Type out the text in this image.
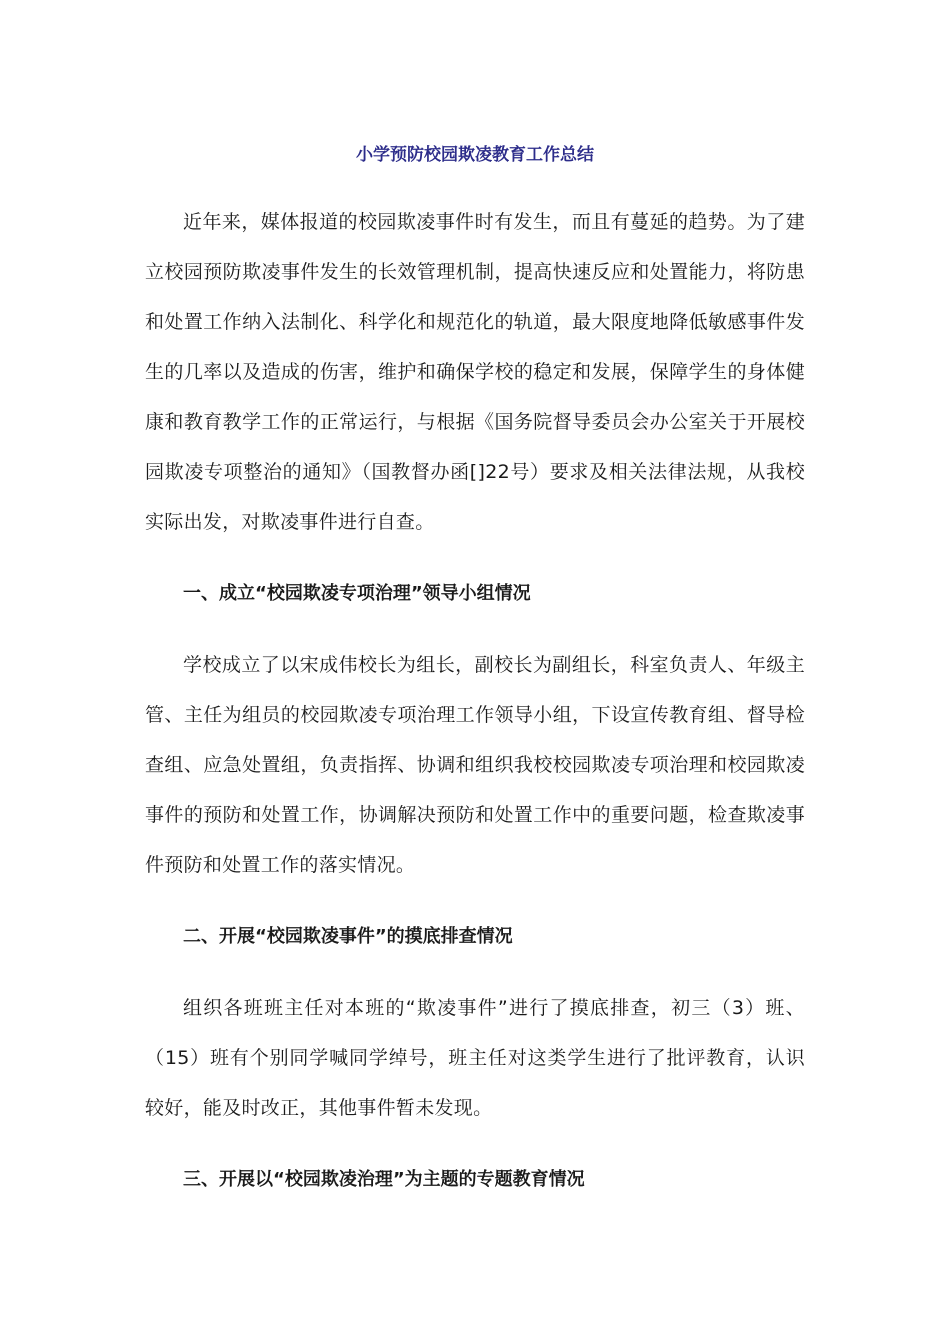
小学预防校园欺凌教育工作总结

近年来，媒体报道的校园欺凌事件时有发生，而且有蔓延的趋势。为了建立校园预防欺凌事件发生的长效管理机制，提高快速反应和处置能力，将防患和处置工作纳入法制化、科学化和规范化的轨道，最大限度地降低敏感事件发生的几率以及造成的伤害，维护和确保学校的稳定和发展，保障学生的身体健康和教育教学工作的正常运行，与根据《国务院督导委员会办公室关于开展校园欺凌专项整治的通知》（国教督办函[]22号）要求及相关法律法规，从我校实际出发，对欺凌事件进行自查。

一、成立“校园欺凌专项治理”领导小组情况

学校成立了以宋成伟校长为组长，副校长为副组长，科室负责人、年级主管、主任为组员的校园欺凌专项治理工作领导小组，下设宣传教育组、督导检查组、应急处置组，负责指挥、协调和组织我校校园欺凌专项治理和校园欺凌事件的预防和处置工作，协调解决预防和处置工作中的重要问题，检查欺凌事件预防和处置工作的落实情况。

二、开展“校园欺凌事件”的摸底排查情况

组织各班班主任对本班的“欺凌事件”进行了摸底排查，初三（3）班、（15）班有个别同学喊同学绰号，班主任对这类学生进行了批评教育，认识较好，能及时改正，其他事件暂未发现。

三、开展以“校园欺凌治理”为主题的专题教育情况
